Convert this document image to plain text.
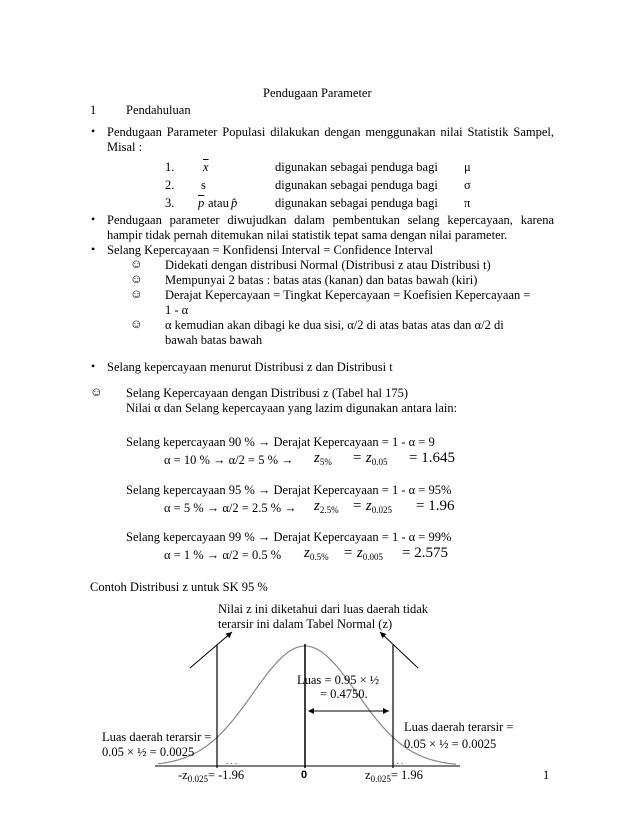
Pendugaan Parameter
1 Pendahuluan
• Pendugaan Parameter Populasi dilakukan dengan menggunakan nilai Statistik Sampel,
Misal :
1. $\overline{x}$	digunakan sebagai penduga bagi μ
2. s	digunakan sebagai penduga bagi σ
3. $\overline{p}$ atau p̂	digunakan sebagai penduga bagi π
• Pendugaan parameter diwujudkan dalam pembentukan selang kepercayaan, karena
hampir tidak pernah ditemukan nilai statistik tepat sama dengan nilai parameter.
• Selang Kepercayaan = Konfidensi Interval = Confidence Interval
☺ Didekati dengan distribusi Normal (Distribusi z atau Distribusi t)
☺ Mempunyai 2 batas : batas atas (kanan) dan batas bawah (kiri)
☺ Derajat Kepercayaan = Tingkat Kepercayaan = Koefisien Kepercayaan =
1 - α
☺ α kemudian akan dibagi ke dua sisi, α/2 di atas batas atas dan α/2 di
bawah batas bawah
• Selang kepercayaan menurut Distribusi z dan Distribusi t
☺ Selang Kepercayaan dengan Distribusi z (Tabel hal 175)
Nilai α dan Selang kepercayaan yang lazim digunakan antara lain:
Selang kepercayaan 90 % → Derajat Kepercayaan = 1 - α = 9
α = 10 % → α/2 = 5 % → $z_{5\%} = z_{0.05} = 1.645$
Selang kepercayaan 95 % → Derajat Kepercayaan = 1 - α = 95%
α = 5 % → α/2 = 2.5 % → $z_{2.5\%} = z_{0.025} = 1.96$
Selang kepercayaan 99 % → Derajat Kepercayaan = 1 - α = 99%
α = 1 % → α/2 = 0.5 % $z_{0.5\%} = z_{0.005} = 2.575$
Contoh Distribusi z untuk SK 95 %
. . .	. . .
Nilai z ini diketahui dari luas daerah tidak
terarsir ini dalam Tabel Normal (z)
Luas = 0.95 × ½
= 0.4750.
Luas daerah terarsir =
0.05 × ½ = 0.0025
Luas daerah terarsir =
0.05 × ½ = 0.0025
$-z_{0.025}= -1.96$	0	$z_{0.025}= 1.96$	1
